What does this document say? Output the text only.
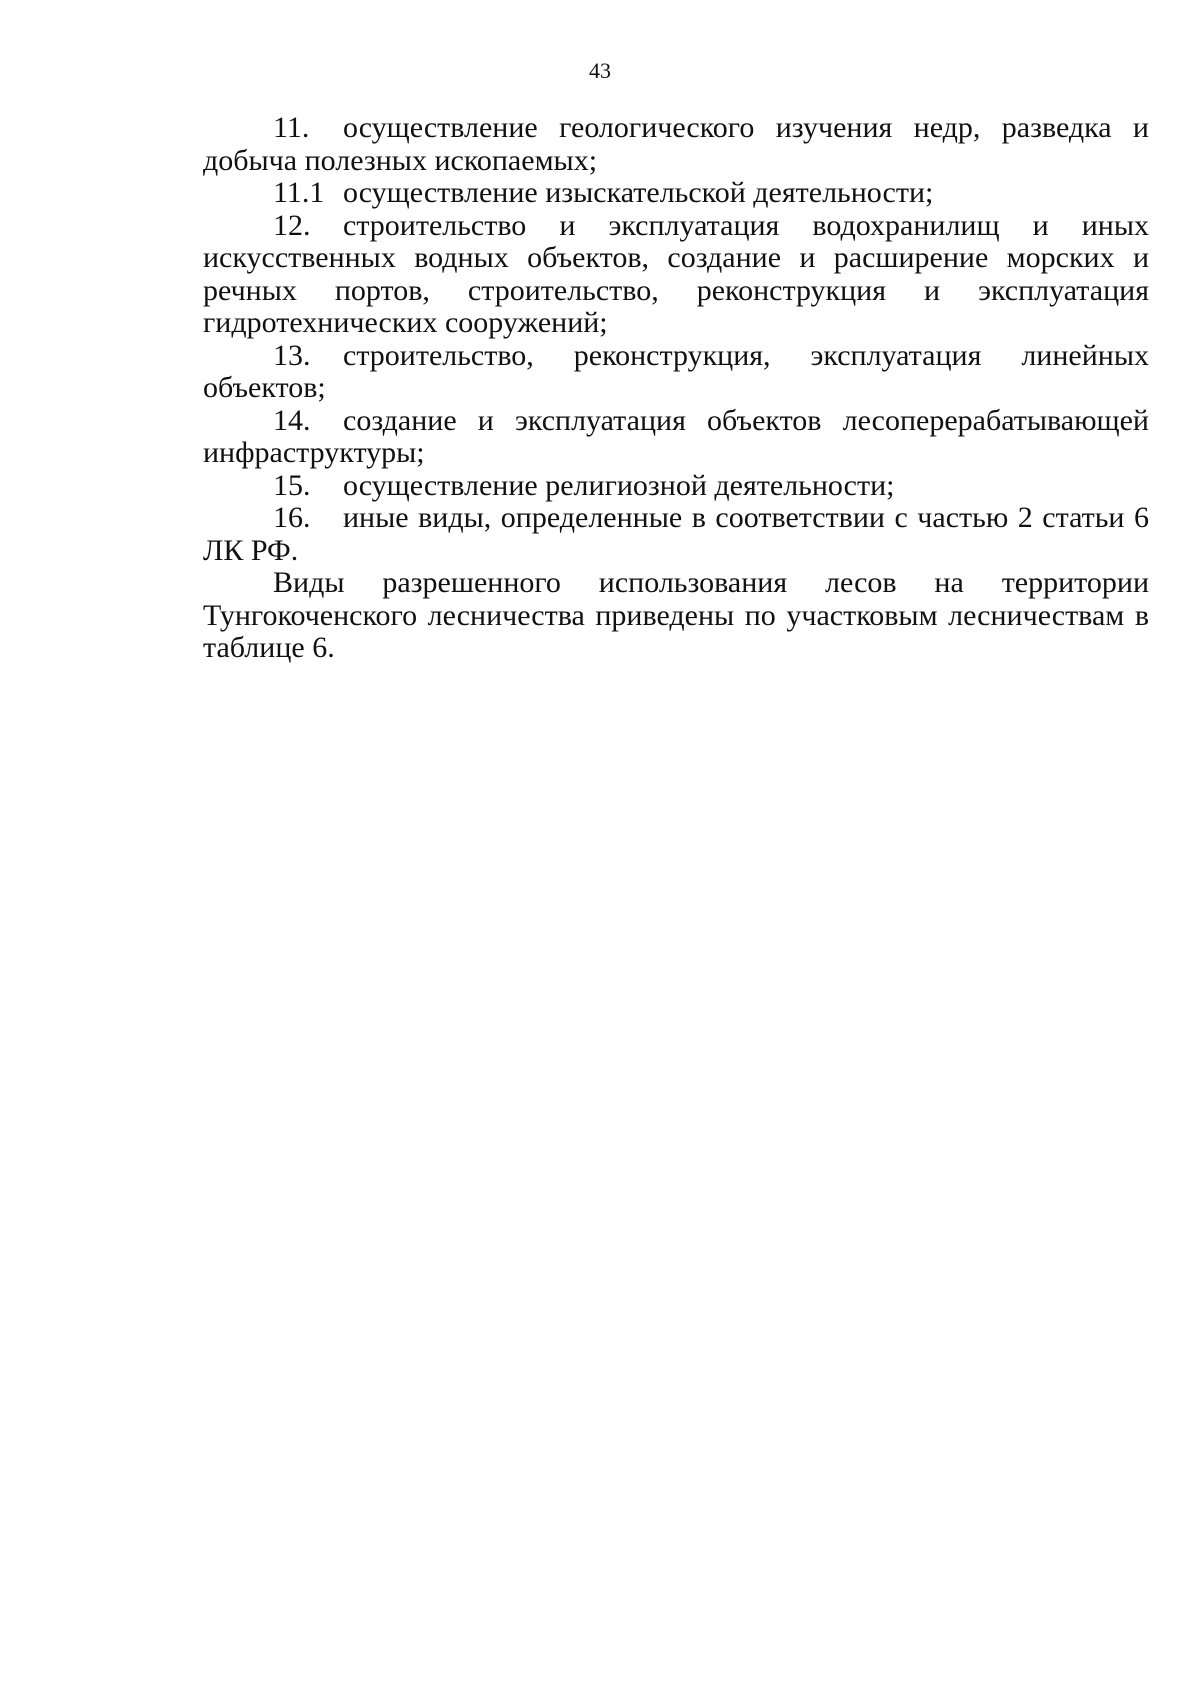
43

11. осуществление геологического изучения недр, разведка и добыча полезных ископаемых;

11.1 осуществление изыскательской деятельности;

12. строительство и эксплуатация водохранилищ и иных искусственных водных объектов, создание и расширение морских и речных портов, строительство, реконструкция и эксплуатация гидротехнических сооружений;

13. строительство, реконструкция, эксплуатация линейных объектов;

14. создание и эксплуатация объектов лесоперерабатывающей инфраструктуры;

15. осуществление религиозной деятельности;

16. иные виды, определенные в соответствии с частью 2 статьи 6 ЛК РФ.

Виды разрешенного использования лесов на территории Тунгокоченского лесничества приведены по участковым лесничествам в таблице 6.
